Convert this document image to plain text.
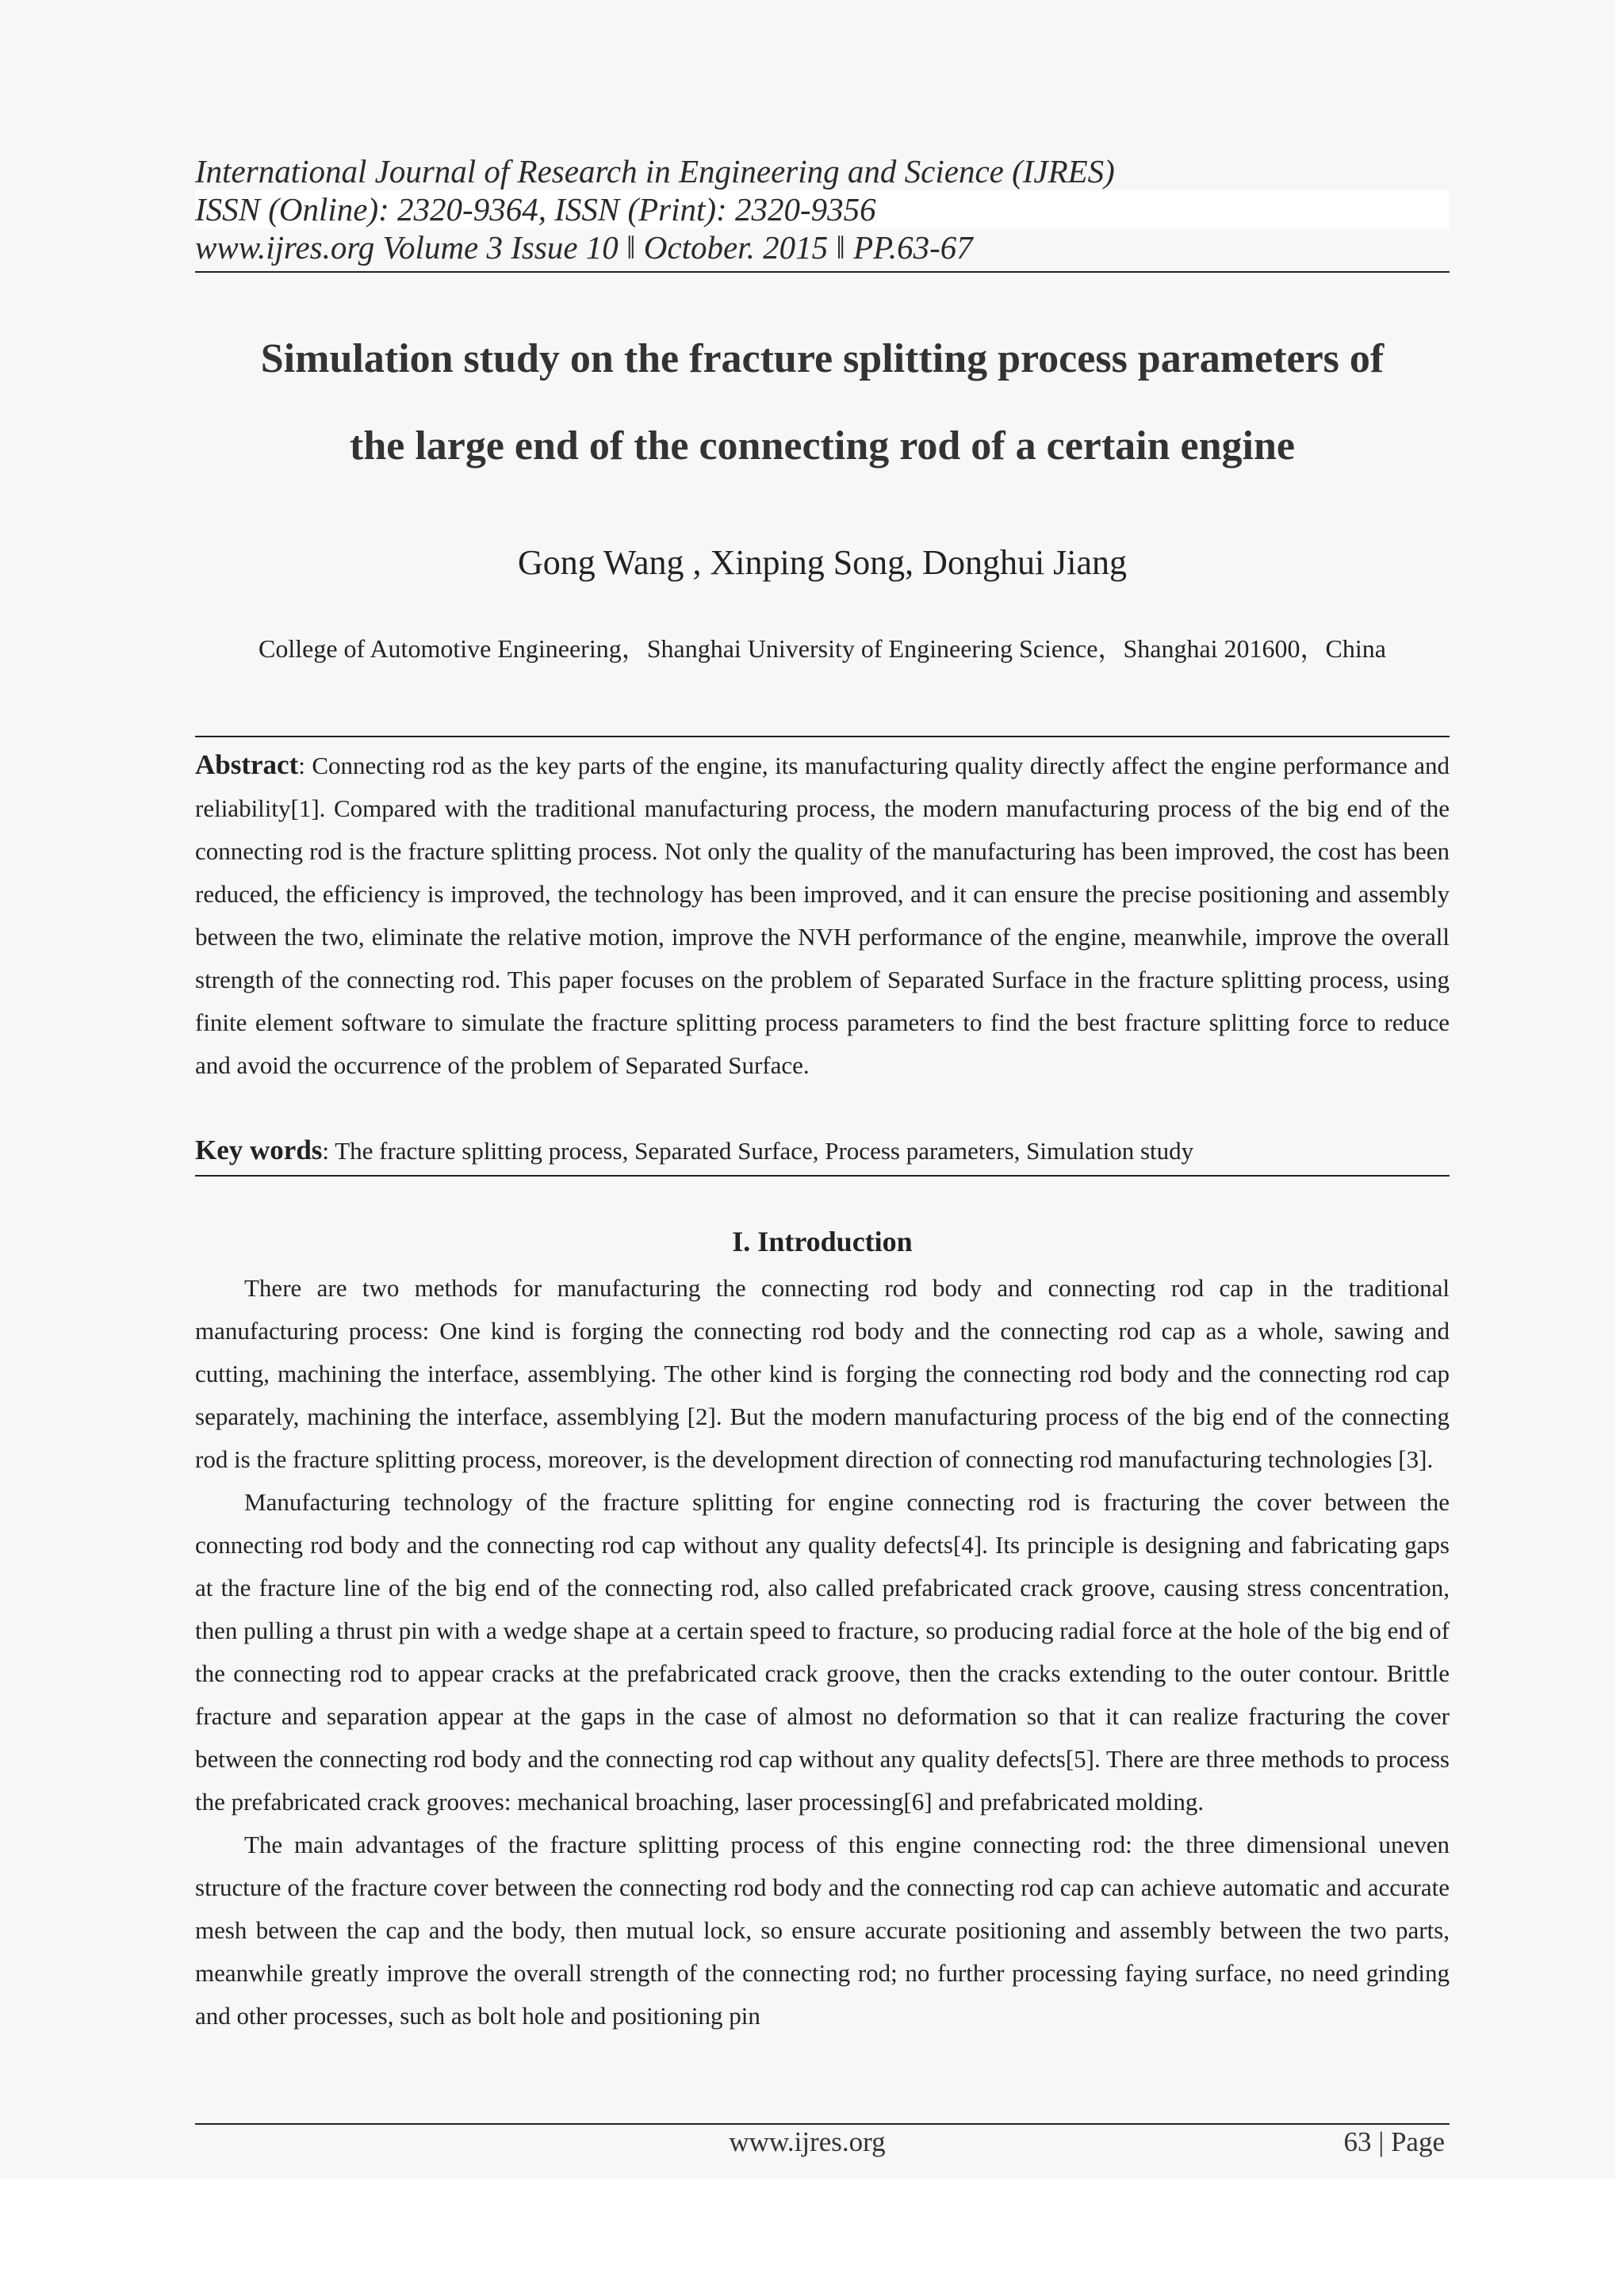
International Journal of Research in Engineering and Science (IJRES)
ISSN (Online): 2320-9364, ISSN (Print): 2320-9356
www.ijres.org Volume 3 Issue 10 ǁ October. 2015 ǁ PP.63-67
Simulation study on the fracture splitting process parameters of
the large end of the connecting rod of a certain engine
Gong Wang , Xinping Song, Donghui Jiang
College of Automotive Engineering，Shanghai University of Engineering Science，Shanghai 201600，China
Abstract: Connecting rod as the key parts of the engine, its manufacturing quality directly affect the engine performance and reliability[1]. Compared with the traditional manufacturing process, the modern manufacturing process of the big end of the connecting rod is the fracture splitting process. Not only the quality of the manufacturing has been improved, the cost has been reduced, the efficiency is improved, the technology has been improved, and it can ensure the precise positioning and assembly between the two, eliminate the relative motion, improve the NVH performance of the engine, meanwhile, improve the overall strength of the connecting rod. This paper focuses on the problem of Separated Surface in the fracture splitting process, using finite element software to simulate the fracture splitting process parameters to find the best fracture splitting force to reduce and avoid the occurrence of the problem of Separated Surface.
Key words: The fracture splitting process, Separated Surface, Process parameters, Simulation study
I. Introduction

There are two methods for manufacturing the connecting rod body and connecting rod cap in the traditional manufacturing process: One kind is forging the connecting rod body and the connecting rod cap as a whole, sawing and cutting, machining the interface, assemblying. The other kind is forging the connecting rod body and the connecting rod cap separately, machining the interface, assemblying [2]. But the modern manufacturing process of the big end of the connecting rod is the fracture splitting process, moreover, is the development direction of connecting rod manufacturing technologies [3].

Manufacturing technology of the fracture splitting for engine connecting rod is fracturing the cover between the connecting rod body and the connecting rod cap without any quality defects[4]. Its principle is designing and fabricating gaps at the fracture line of the big end of the connecting rod, also called prefabricated crack groove, causing stress concentration, then pulling a thrust pin with a wedge shape at a certain speed to fracture, so producing radial force at the hole of the big end of the connecting rod to appear cracks at the prefabricated crack groove, then the cracks extending to the outer contour. Brittle fracture and separation appear at the gaps in the case of almost no deformation so that it can realize fracturing the cover between the connecting rod body and the connecting rod cap without any quality defects[5]. There are three methods to process the prefabricated crack grooves: mechanical broaching, laser processing[6] and prefabricated molding.

The main advantages of the fracture splitting process of this engine connecting rod: the three dimensional uneven structure of the fracture cover between the connecting rod body and the connecting rod cap can achieve automatic and accurate mesh between the cap and the body, then mutual lock, so ensure accurate positioning and assembly between the two parts, meanwhile greatly improve the overall strength of the connecting rod; no further processing faying surface, no need grinding and other processes, such as bolt hole and positioning pin

www.ijres.org	63 | Page
